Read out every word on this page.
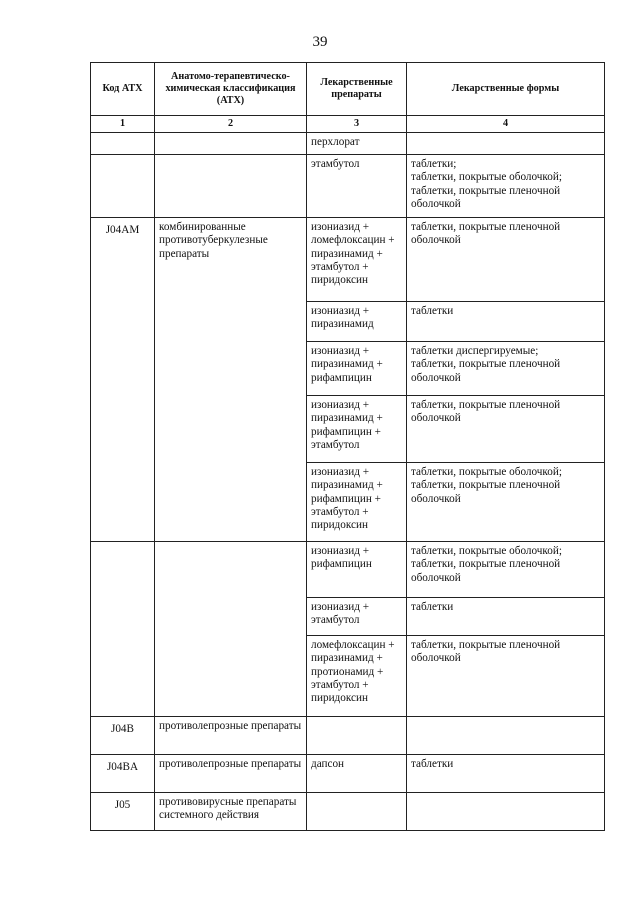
39
Код АТХ	Анатомо-терапевтическо-химическая классификация (АТХ)	Лекарственные препараты	Лекарственные формы
1	2	3	4
		перхлорат	
		этамбутол	таблетки;
таблетки, покрытые оболочкой;
таблетки, покрытые пленочной оболочкой
J04AM	комбинированные противотуберкулезные препараты	изониазид + ломефлоксацин + пиразинамид + этамбутол + пиридоксин	таблетки, покрытые пленочной оболочкой
		изониазид + пиразинамид	таблетки
		изониазид + пиразинамид + рифампицин	таблетки диспергируемые;
таблетки, покрытые пленочной оболочкой
		изониазид + пиразинамид + рифампицин + этамбутол	таблетки, покрытые пленочной оболочкой
		изониазид + пиразинамид + рифампицин + этамбутол + пиридоксин	таблетки, покрытые оболочкой;
таблетки, покрытые пленочной оболочкой
		изониазид + рифампицин	таблетки, покрытые оболочкой;
таблетки, покрытые пленочной оболочкой
		изониазид + этамбутол	таблетки
		ломефлоксацин + пиразинамид + протионамид + этамбутол + пиридоксин	таблетки, покрытые пленочной оболочкой
J04B	противолепрозные препараты		
J04BA	противолепрозные препараты	дапсон	таблетки
J05	противовирусные препараты системного действия		
